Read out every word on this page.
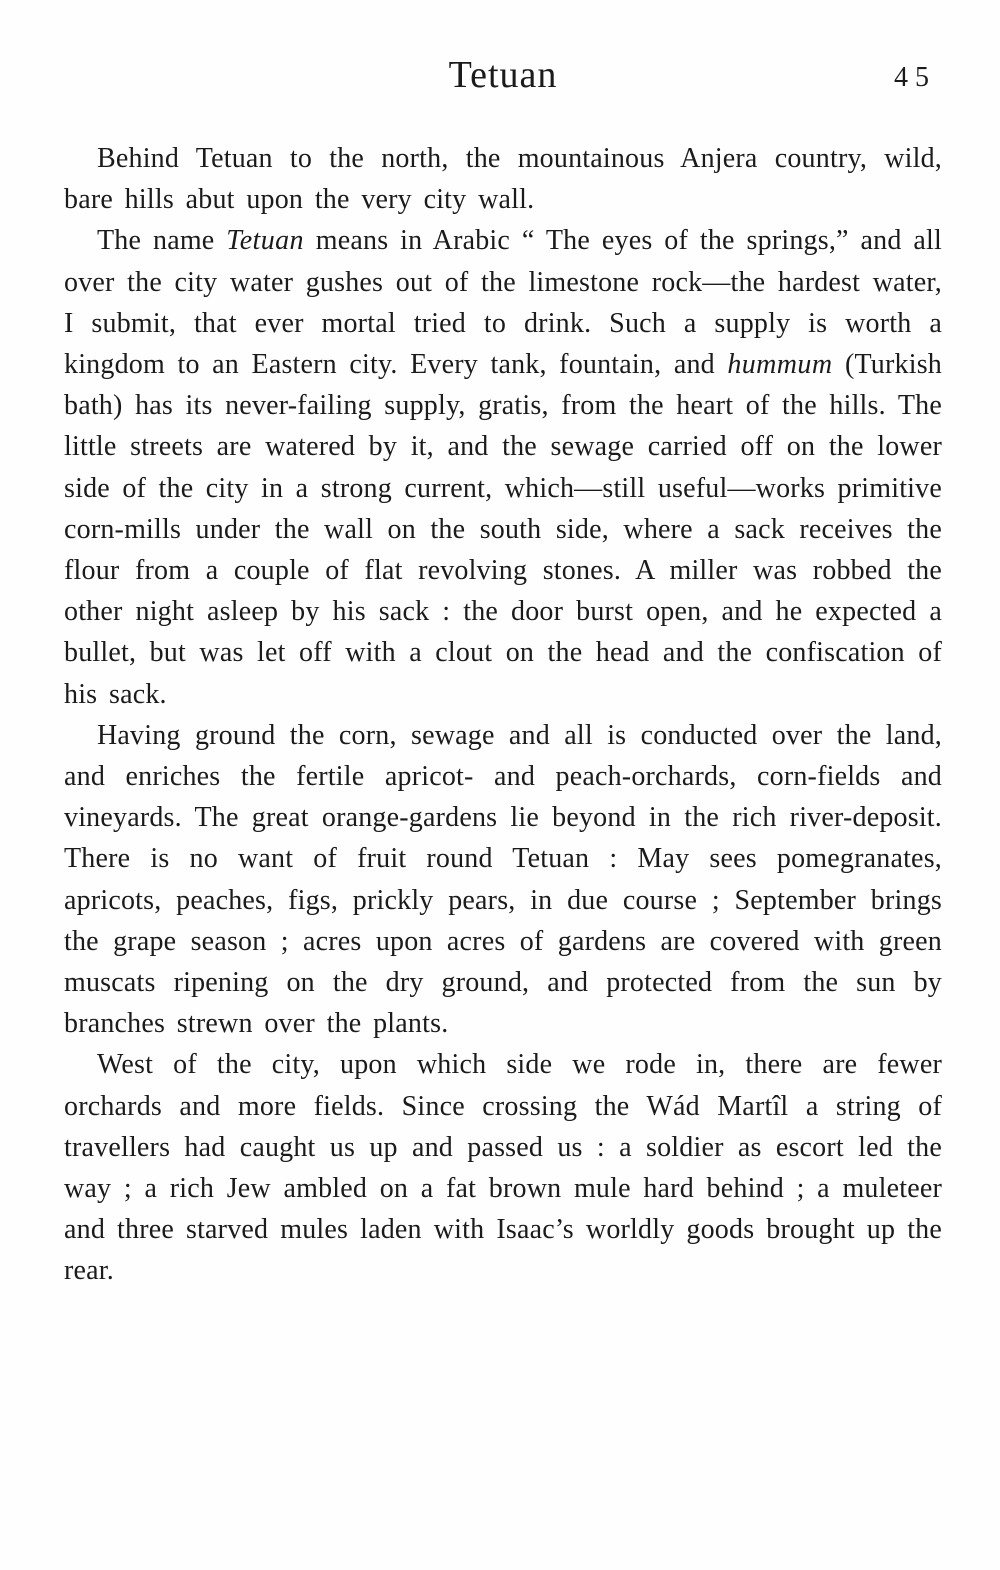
Tetuan	45

Behind Tetuan to the north, the mountainous Anjera country, wild, bare hills abut upon the very city wall.

The name Tetuan means in Arabic “ The eyes of the springs,” and all over the city water gushes out of the limestone rock—the hardest water, I submit, that ever mortal tried to drink. Such a supply is worth a kingdom to an Eastern city. Every tank, fountain, and hummum (Turkish bath) has its never-failing supply, gratis, from the heart of the hills. The little streets are watered by it, and the sewage carried off on the lower side of the city in a strong current, which—still useful—works primitive corn-mills under the wall on the south side, where a sack receives the flour from a couple of flat revolving stones. A miller was robbed the other night asleep by his sack : the door burst open, and he expected a bullet, but was let off with a clout on the head and the confiscation of his sack.

Having ground the corn, sewage and all is conducted over the land, and enriches the fertile apricot- and peach-orchards, corn-fields and vineyards. The great orange-gardens lie beyond in the rich river-deposit. There is no want of fruit round Tetuan : May sees pomegranates, apricots, peaches, figs, prickly pears, in due course ; September brings the grape season ; acres upon acres of gardens are covered with green muscats ripening on the dry ground, and protected from the sun by branches strewn over the plants.

West of the city, upon which side we rode in, there are fewer orchards and more fields. Since crossing the Wád Martîl a string of travellers had caught us up and passed us : a soldier as escort led the way ; a rich Jew ambled on a fat brown mule hard behind ; a muleteer and three starved mules laden with Isaac’s worldly goods brought up the rear.
